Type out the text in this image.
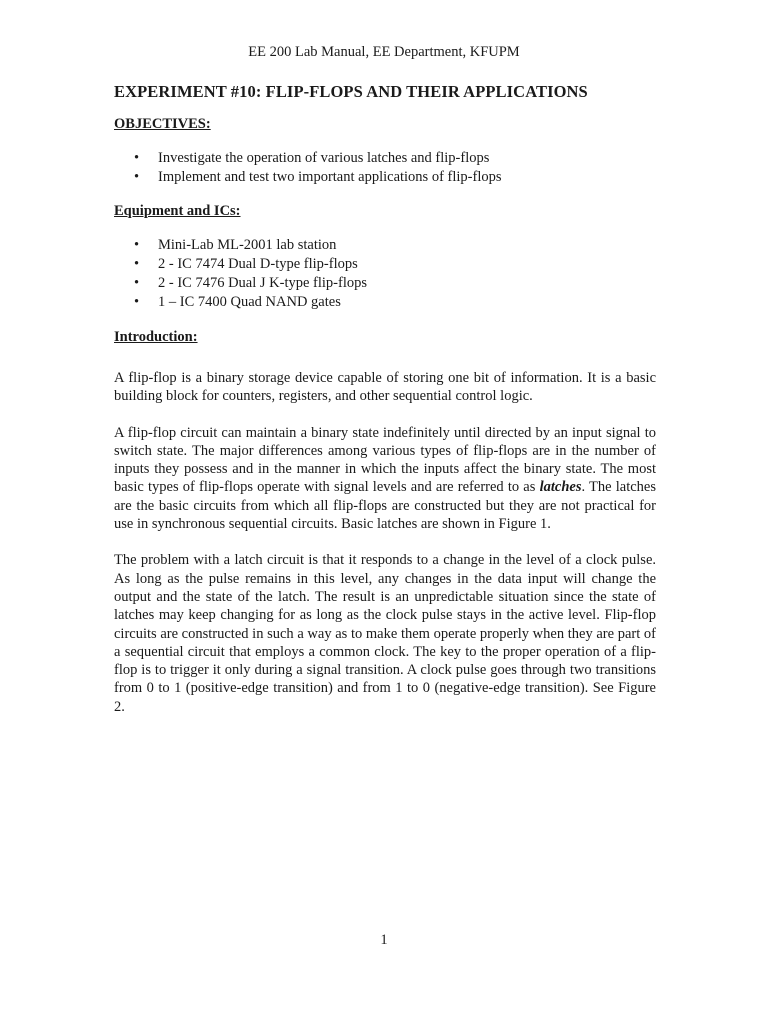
EE 200 Lab Manual, EE Department, KFUPM
EXPERIMENT #10: FLIP-FLOPS AND THEIR APPLICATIONS
OBJECTIVES:
• Investigate the operation of various latches and flip-flops
• Implement and test two important applications of flip-flops
Equipment and ICs:
• Mini-Lab ML-2001 lab station
• 2 - IC 7474 Dual D-type flip-flops
• 2 - IC 7476 Dual J K-type flip-flops
• 1 – IC 7400 Quad NAND gates
Introduction:

A flip-flop is a binary storage device capable of storing one bit of information. It is a basic building block for counters, registers, and other sequential control logic.

A flip-flop circuit can maintain a binary state indefinitely until directed by an input signal to switch state. The major differences among various types of flip-flops are in the number of inputs they possess and in the manner in which the inputs affect the binary state. The most basic types of flip-flops operate with signal levels and are referred to as latches. The latches are the basic circuits from which all flip-flops are constructed but they are not practical for use in synchronous sequential circuits. Basic latches are shown in Figure 1.

The problem with a latch circuit is that it responds to a change in the level of a clock pulse. As long as the pulse remains in this level, any changes in the data input will change the output and the state of the latch. The result is an unpredictable situation since the state of latches may keep changing for as long as the clock pulse stays in the active level. Flip-flop circuits are constructed in such a way as to make them operate properly when they are part of a sequential circuit that employs a common clock. The key to the proper operation of a flip-flop is to trigger it only during a signal transition. A clock pulse goes through two transitions from 0 to 1 (positive-edge transition) and from 1 to 0 (negative-edge transition). See Figure 2.

1
